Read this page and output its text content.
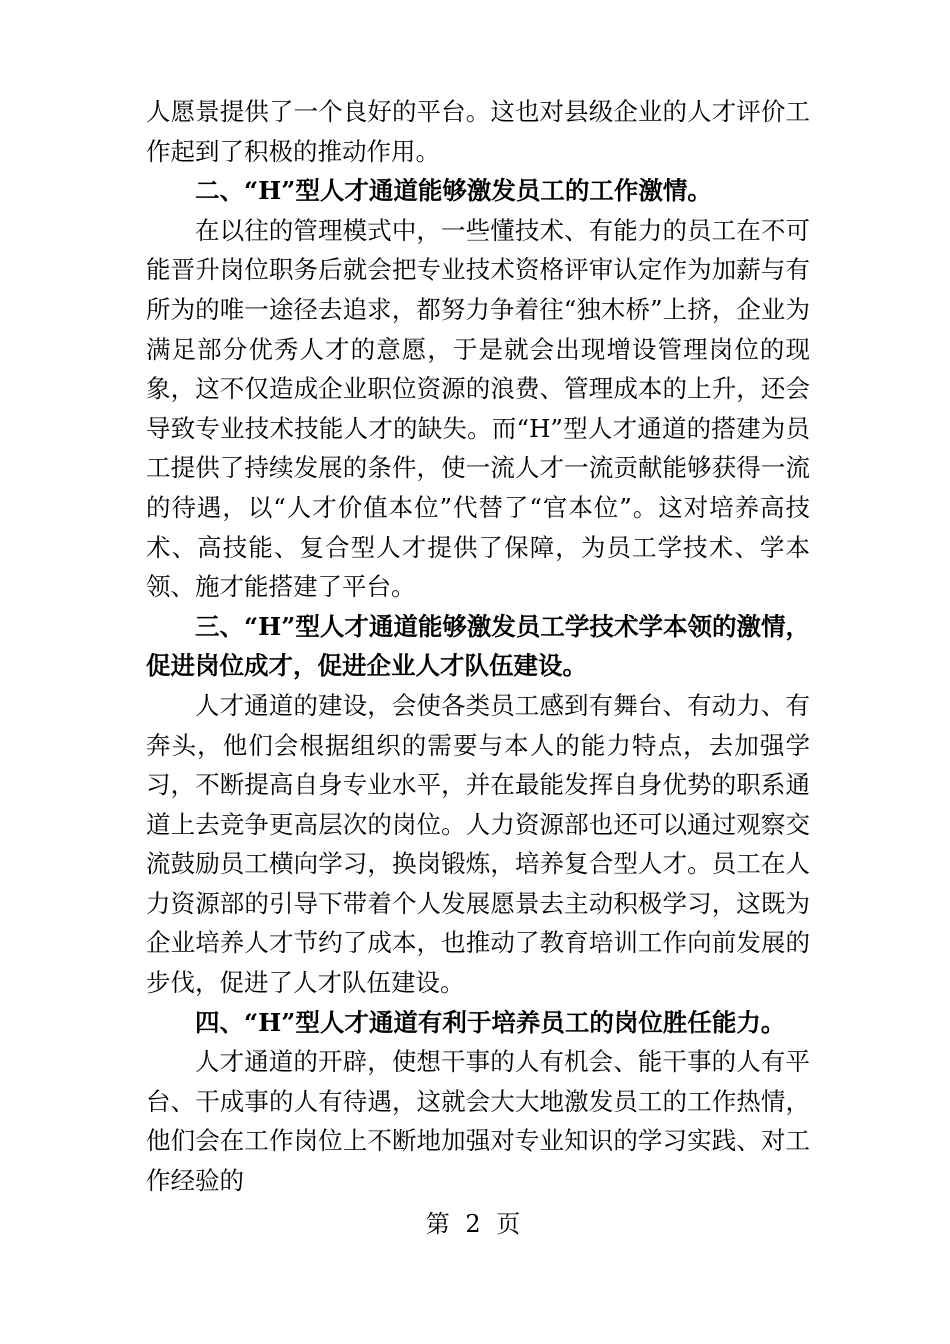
人愿景提供了一个良好的平台。这也对县级企业的人才评价工作起到了积极的推动作用。

二、“H”型人才通道能够激发员工的工作激情。

在以往的管理模式中，一些懂技术、有能力的员工在不可能晋升岗位职务后就会把专业技术资格评审认定作为加薪与有所为的唯一途径去追求，都努力争着往“独木桥”上挤，企业为满足部分优秀人才的意愿，于是就会出现增设管理岗位的现象，这不仅造成企业职位资源的浪费、管理成本的上升，还会导致专业技术技能人才的缺失。而“H”型人才通道的搭建为员工提供了持续发展的条件，使一流人才一流贡献能够获得一流的待遇，以“人才价值本位”代替了“官本位”。这对培养高技术、高技能、复合型人才提供了保障，为员工学技术、学本领、施才能搭建了平台。

三、“H”型人才通道能够激发员工学技术学本领的激情，促进岗位成才，促进企业人才队伍建设。

人才通道的建设，会使各类员工感到有舞台、有动力、有奔头，他们会根据组织的需要与本人的能力特点，去加强学习，不断提高自身专业水平，并在最能发挥自身优势的职系通道上去竞争更高层次的岗位。人力资源部也还可以通过观察交流鼓励员工横向学习，换岗锻炼，培养复合型人才。员工在人力资源部的引导下带着个人发展愿景去主动积极学习，这既为企业培养人才节约了成本，也推动了教育培训工作向前发展的步伐，促进了人才队伍建设。

四、“H”型人才通道有利于培养员工的岗位胜任能力。

人才通道的开辟，使想干事的人有机会、能干事的人有平台、干成事的人有待遇，这就会大大地激发员工的工作热情，他们会在工作岗位上不断地加强对专业知识的学习实践、对工作经验的

第 2 页
